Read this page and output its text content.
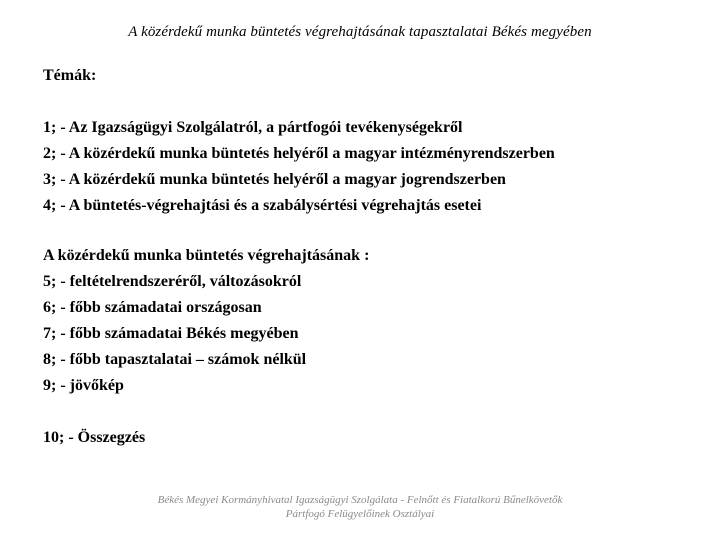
A közérdekű munka büntetés végrehajtásának tapasztalatai Békés megyében
Témák:
1; - Az Igazságügyi Szolgálatról, a pártfogói tevékenységekről
2; - A közérdekű munka büntetés helyéről a magyar intézményrendszerben
3; - A közérdekű munka büntetés helyéről a magyar jogrendszerben
4; - A büntetés-végrehajtási és a szabálysértési végrehajtás esetei
A közérdekű munka büntetés végrehajtásának :
5; - feltételrendszeréről, változásokról
6; - főbb számadatai országosan
7; - főbb számadatai Békés megyében
8; - főbb tapasztalatai – számok nélkül
9; - jövőkép
10; - Összegzés
Békés Megyei Kormányhivatal Igazságügyi Szolgálata - Felnőtt és Fiatalkorú Bűnelkövetők
Pártfogó Felügyelőinek Osztályai
